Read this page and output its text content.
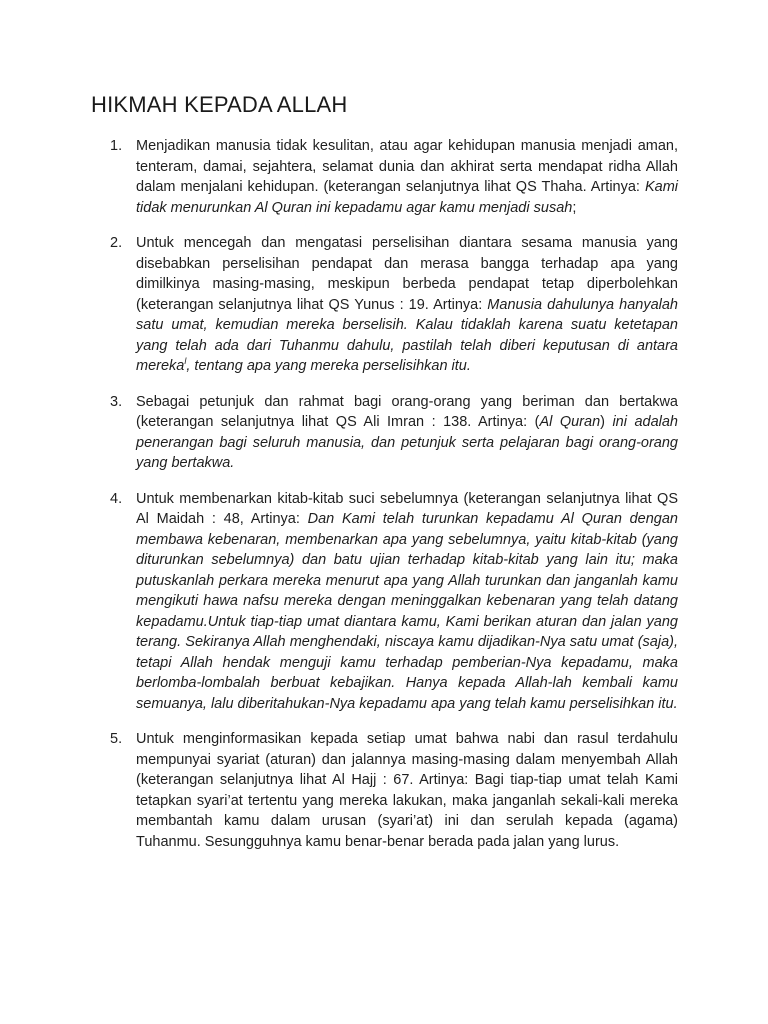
HIKMAH KEPADA ALLAH
1. Menjadikan manusia tidak kesulitan, atau agar kehidupan manusia menjadi aman, tenteram, damai, sejahtera, selamat dunia dan akhirat serta mendapat ridha Allah dalam menjalani kehidupan. (keterangan selanjutnya lihat QS Thaha. Artinya: Kami tidak menurunkan Al Quran ini kepadamu agar kamu menjadi susah;
2. Untuk mencegah dan mengatasi perselisihan diantara sesama manusia yang disebabkan perselisihan pendapat dan merasa bangga terhadap apa yang dimilkinya masing-masing, meskipun berbeda pendapat tetap diperbolehkan (keterangan selanjutnya lihat QS Yunus : 19. Artinya: Manusia dahulunya hanyalah satu umat, kemudian mereka berselisih. Kalau tidaklah karena suatu ketetapan yang telah ada dari Tuhanmu dahulu, pastilah telah diberi keputusan di antara mereka$^l$, tentang apa yang mereka perselisihkan itu.
3. Sebagai petunjuk dan rahmat bagi orang-orang yang beriman dan bertakwa (keterangan selanjutnya lihat QS Ali Imran : 138. Artinya: (Al Quran) ini adalah penerangan bagi seluruh manusia, dan petunjuk serta pelajaran bagi orang-orang yang bertakwa.
4. Untuk membenarkan kitab-kitab suci sebelumnya (keterangan selanjutnya lihat QS Al Maidah : 48, Artinya: Dan Kami telah turunkan kepadamu Al Quran dengan membawa kebenaran, membenarkan apa yang sebelumnya, yaitu kitab-kitab (yang diturunkan sebelumnya) dan batu ujian terhadap kitab-kitab yang lain itu; maka putuskanlah perkara mereka menurut apa yang Allah turunkan dan janganlah kamu mengikuti hawa nafsu mereka dengan meninggalkan kebenaran yang telah datang kepadamu.Untuk tiap-tiap umat diantara kamu, Kami berikan aturan dan jalan yang terang. Sekiranya Allah menghendaki, niscaya kamu dijadikan-Nya satu umat (saja), tetapi Allah hendak menguji kamu terhadap pemberian-Nya kepadamu, maka berlomba-lombalah berbuat kebajikan. Hanya kepada Allah-lah kembali kamu semuanya, lalu diberitahukan-Nya kepadamu apa yang telah kamu perselisihkan itu.
5. Untuk menginformasikan kepada setiap umat bahwa nabi dan rasul terdahulu mempunyai syariat (aturan) dan jalannya masing-masing dalam menyembah Allah (keterangan selanjutnya lihat Al Hajj : 67. Artinya: Bagi tiap-tiap umat telah Kami tetapkan syari’at tertentu yang mereka lakukan, maka janganlah sekali-kali mereka membantah kamu dalam urusan (syari’at) ini dan serulah kepada (agama) Tuhanmu. Sesungguhnya kamu benar-benar berada pada jalan yang lurus.
